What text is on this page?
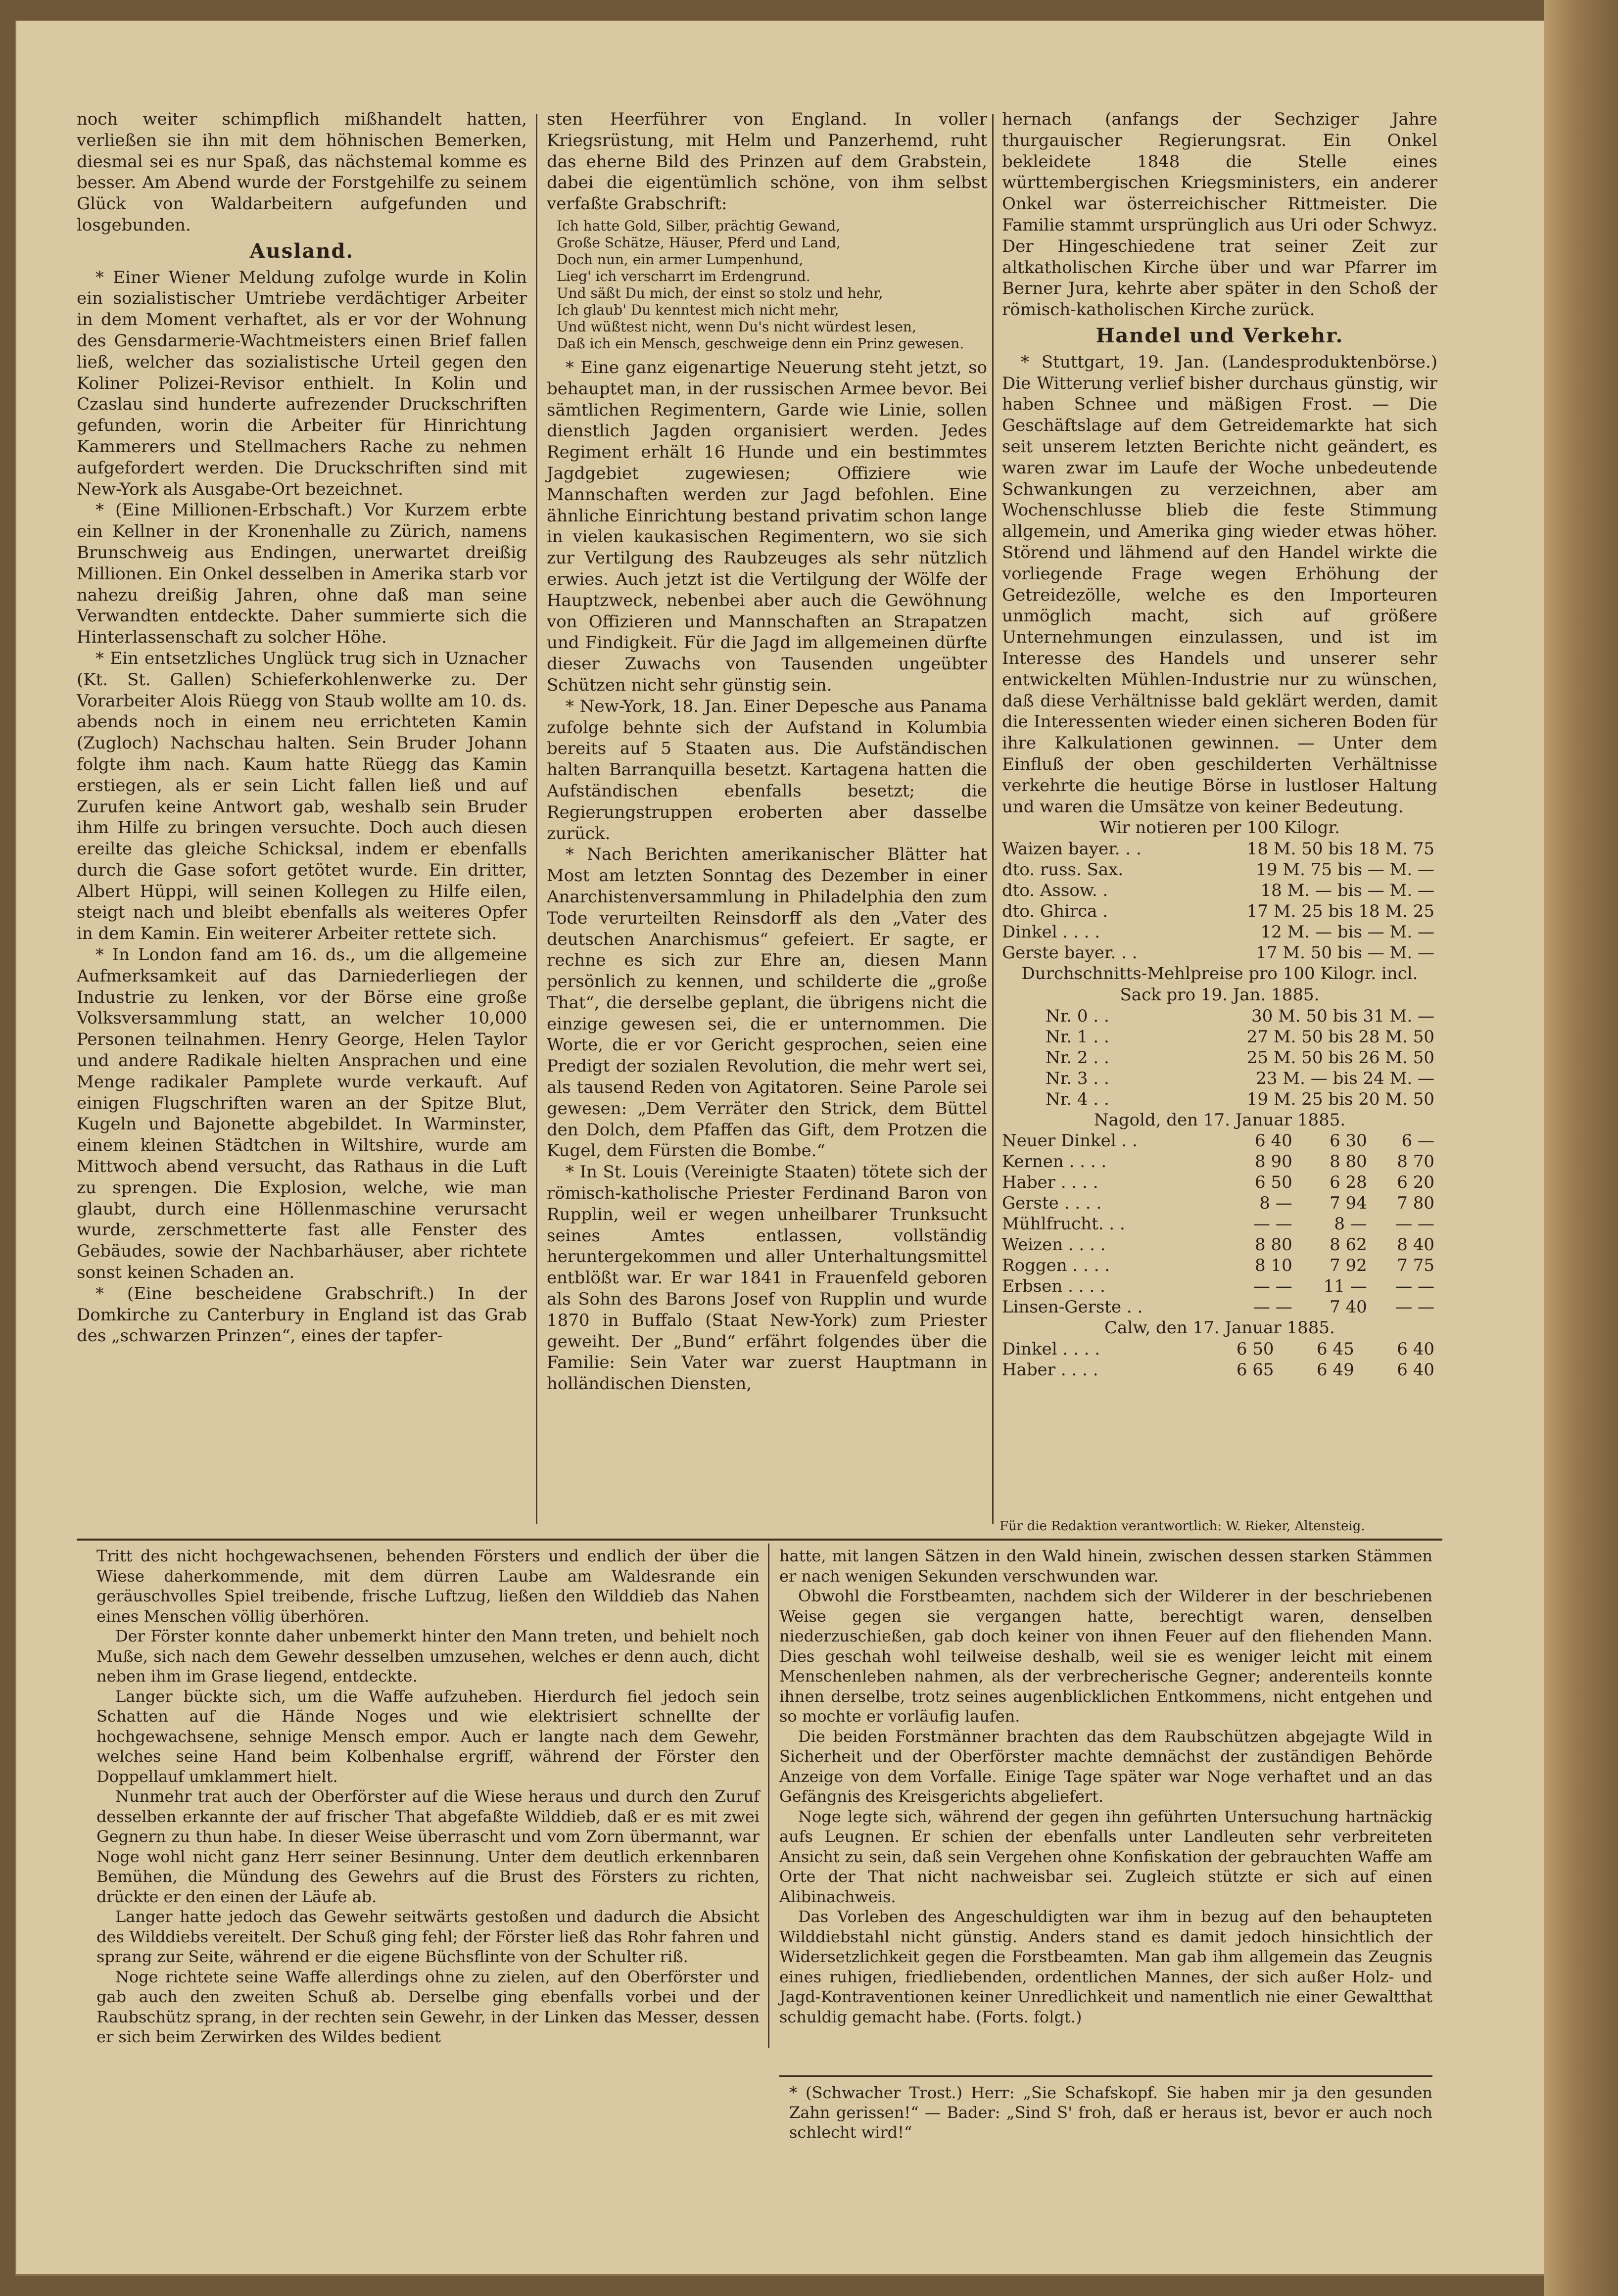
noch weiter schimpflich mißhandelt hatten, verließen sie ihn mit dem höhnischen Bemerken, diesmal sei es nur Spaß, das nächstemal komme es besser. Am Abend wurde der Forstgehilfe zu seinem Glück von Waldarbeitern aufgefunden und losgebunden.

Ausland.

* Einer Wiener Meldung zufolge wurde in Kolin ein sozialistischer Umtriebe verdächtiger Arbeiter in dem Moment verhaftet, als er vor der Wohnung des Gensdarmerie-Wachtmeisters einen Brief fallen ließ, welcher das sozialistische Urteil gegen den Koliner Polizei-Revisor enthielt. In Kolin und Czaslau sind hunderte aufrezender Druckschriften gefunden, worin die Arbeiter für Hinrichtung Kammerers und Stellmachers Rache zu nehmen aufgefordert werden. Die Druckschriften sind mit New-York als Ausgabe-Ort bezeichnet.

* (Eine Millionen-Erbschaft.) Vor Kurzem erbte ein Kellner in der Kronenhalle zu Zürich, namens Brunschweig aus Endingen, unerwartet dreißig Millionen. Ein Onkel desselben in Amerika starb vor nahezu dreißig Jahren, ohne daß man seine Verwandten entdeckte. Daher summierte sich die Hinterlassenschaft zu solcher Höhe.

* Ein entsetzliches Unglück trug sich in Uznacher (Kt. St. Gallen) Schieferkohlenwerke zu. Der Vorarbeiter Alois Rüegg von Staub wollte am 10. ds. abends noch in einem neu errichteten Kamin (Zugloch) Nachschau halten. Sein Bruder Johann folgte ihm nach. Kaum hatte Rüegg das Kamin erstiegen, als er sein Licht fallen ließ und auf Zurufen keine Antwort gab, weshalb sein Bruder ihm Hilfe zu bringen versuchte. Doch auch diesen ereilte das gleiche Schicksal, indem er ebenfalls durch die Gase sofort getötet wurde. Ein dritter, Albert Hüppi, will seinen Kollegen zu Hilfe eilen, steigt nach und bleibt ebenfalls als weiteres Opfer in dem Kamin. Ein weiterer Arbeiter rettete sich.

* In London fand am 16. ds., um die allgemeine Aufmerksamkeit auf das Darniederliegen der Industrie zu lenken, vor der Börse eine große Volksversammlung statt, an welcher 10,000 Personen teilnahmen. Henry George, Helen Taylor und andere Radikale hielten Ansprachen und eine Menge radikaler Pamplete wurde verkauft. Auf einigen Flugschriften waren an der Spitze Blut, Kugeln und Bajonette abgebildet. In Warminster, einem kleinen Städtchen in Wiltshire, wurde am Mittwoch abend versucht, das Rathaus in die Luft zu sprengen. Die Explosion, welche, wie man glaubt, durch eine Höllenmaschine verursacht wurde, zerschmetterte fast alle Fenster des Gebäudes, sowie der Nachbarhäuser, aber richtete sonst keinen Schaden an.

* (Eine bescheidene Grabschrift.) In der Domkirche zu Canterbury in England ist das Grab des „schwarzen Prinzen“, eines der tapfer-

sten Heerführer von England. In voller Kriegsrüstung, mit Helm und Panzerhemd, ruht das eherne Bild des Prinzen auf dem Grabstein, dabei die eigentümlich schöne, von ihm selbst verfaßte Grabschrift:

Ich hatte Gold, Silber, prächtig Gewand,
Große Schätze, Häuser, Pferd und Land,
Doch nun, ein armer Lumpenhund,
Lieg' ich verscharrt im Erdengrund.
Und säßt Du mich, der einst so stolz und hehr,
Ich glaub' Du kenntest mich nicht mehr,
Und wüßtest nicht, wenn Du's nicht würdest lesen,
Daß ich ein Mensch, geschweige denn ein Prinz gewesen.

* Eine ganz eigenartige Neuerung steht jetzt, so behauptet man, in der russischen Armee bevor. Bei sämtlichen Regimentern, Garde wie Linie, sollen dienstlich Jagden organisiert werden. Jedes Regiment erhält 16 Hunde und ein bestimmtes Jagdgebiet zugewiesen; Offiziere wie Mannschaften werden zur Jagd befohlen. Eine ähnliche Einrichtung bestand privatim schon lange in vielen kaukasischen Regimentern, wo sie sich zur Vertilgung des Raubzeuges als sehr nützlich erwies. Auch jetzt ist die Vertilgung der Wölfe der Hauptzweck, nebenbei aber auch die Gewöhnung von Offizieren und Mannschaften an Strapatzen und Findigkeit. Für die Jagd im allgemeinen dürfte dieser Zuwachs von Tausenden ungeübter Schützen nicht sehr günstig sein.

* New-York, 18. Jan. Einer Depesche aus Panama zufolge behnte sich der Aufstand in Kolumbia bereits auf 5 Staaten aus. Die Aufständischen halten Barranquilla besetzt. Kartagena hatten die Aufständischen ebenfalls besetzt; die Regierungstruppen eroberten aber dasselbe zurück.

* Nach Berichten amerikanischer Blätter hat Most am letzten Sonntag des Dezember in einer Anarchistenversammlung in Philadelphia den zum Tode verurteilten Reinsdorff als den „Vater des deutschen Anarchismus“ gefeiert. Er sagte, er rechne es sich zur Ehre an, diesen Mann persönlich zu kennen, und schilderte die „große That“, die derselbe geplant, die übrigens nicht die einzige gewesen sei, die er unternommen. Die Worte, die er vor Gericht gesprochen, seien eine Predigt der sozialen Revolution, die mehr wert sei, als tausend Reden von Agitatoren. Seine Parole sei gewesen: „Dem Verräter den Strick, dem Büttel den Dolch, dem Pfaffen das Gift, dem Protzen die Kugel, dem Fürsten die Bombe.“

* In St. Louis (Vereinigte Staaten) tötete sich der römisch-katholische Priester Ferdinand Baron von Rupplin, weil er wegen unheilbarer Trunksucht seines Amtes entlassen, vollständig heruntergekommen und aller Unterhaltungsmittel entblößt war. Er war 1841 in Frauenfeld geboren als Sohn des Barons Josef von Rupplin und wurde 1870 in Buffalo (Staat New-York) zum Priester geweiht. Der „Bund“ erfährt folgendes über die Familie: Sein Vater war zuerst Hauptmann in holländischen Diensten,

hernach (anfangs der Sechziger Jahre thurgauischer Regierungsrat. Ein Onkel bekleidete 1848 die Stelle eines württembergischen Kriegsministers, ein anderer Onkel war österreichischer Rittmeister. Die Familie stammt ursprünglich aus Uri oder Schwyz. Der Hingeschiedene trat seiner Zeit zur altkatholischen Kirche über und war Pfarrer im Berner Jura, kehrte aber später in den Schoß der römisch-katholischen Kirche zurück.

Handel und Verkehr.

* Stuttgart, 19. Jan. (Landesproduktenbörse.) Die Witterung verlief bisher durchaus günstig, wir haben Schnee und mäßigen Frost. — Die Geschäftslage auf dem Getreidemarkte hat sich seit unserem letzten Berichte nicht geändert, es waren zwar im Laufe der Woche unbedeutende Schwankungen zu verzeichnen, aber am Wochenschlusse blieb die feste Stimmung allgemein, und Amerika ging wieder etwas höher. Störend und lähmend auf den Handel wirkte die vorliegende Frage wegen Erhöhung der Getreidezölle, welche es den Importeuren unmöglich macht, sich auf größere Unternehmungen einzulassen, und ist im Interesse des Handels und unserer sehr entwickelten Mühlen-Industrie nur zu wünschen, daß diese Verhältnisse bald geklärt werden, damit die Interessenten wieder einen sicheren Boden für ihre Kalkulationen gewinnen. — Unter dem Einfluß der oben geschilderten Verhältnisse verkehrte die heutige Börse in lustloser Haltung und waren die Umsätze von keiner Bedeutung.

Wir notieren per 100 Kilogr.

Waizen bayer. . .	18 M. 50 bis 18 M. 75
dto. russ. Sax.	19 M. 75 bis — M. —
dto. Assow. .	18 M. — bis — M. —
dto. Ghirca .	17 M. 25 bis 18 M. 25
Dinkel . . . .	12 M. — bis — M. —
Gerste bayer. . .	17 M. 50 bis — M. —

Durchschnitts-Mehlpreise pro 100 Kilogr. incl. Sack pro 19. Jan. 1885.

Nr. 0 . .	30 M. 50 bis 31 M. —
Nr. 1 . .	27 M. 50 bis 28 M. 50
Nr. 2 . .	25 M. 50 bis 26 M. 50
Nr. 3 . .	23 M. — bis 24 M. —
Nr. 4 . .	19 M. 25 bis 20 M. 50

Nagold, den 17. Januar 1885.

Neuer Dinkel . .	6 40	6 30	6 —
Kernen . . . .	8 90	8 80	8 70
Haber . . . .	6 50	6 28	6 20
Gerste . . . .	8 —	7 94	7 80
Mühlfrucht. . .	— —	8 —	— —
Weizen . . . .	8 80	8 62	8 40
Roggen . . . .	8 10	7 92	7 75
Erbsen . . . .	— —	11 —	— —
Linsen-Gerste . .	— —	7 40	— —

Calw, den 17. Januar 1885.

Dinkel . . . .	6 50	6 45	6 40
Haber . . . .	6 65	6 49	6 40
Für die Redaktion verantwortlich: W. Rieker, Altensteig.

Tritt des nicht hochgewachsenen, behenden Försters und endlich der über die Wiese daherkommende, mit dem dürren Laube am Waldesrande ein geräuschvolles Spiel treibende, frische Luftzug, ließen den Wilddieb das Nahen eines Menschen völlig überhören.

Der Förster konnte daher unbemerkt hinter den Mann treten, und behielt noch Muße, sich nach dem Gewehr desselben umzusehen, welches er denn auch, dicht neben ihm im Grase liegend, entdeckte.

Langer bückte sich, um die Waffe aufzuheben. Hierdurch fiel jedoch sein Schatten auf die Hände Noges und wie elektrisiert schnellte der hochgewachsene, sehnige Mensch empor. Auch er langte nach dem Gewehr, welches seine Hand beim Kolbenhalse ergriff, während der Förster den Doppellauf umklammert hielt.

Nunmehr trat auch der Oberförster auf die Wiese heraus und durch den Zuruf desselben erkannte der auf frischer That abgefaßte Wilddieb, daß er es mit zwei Gegnern zu thun habe. In dieser Weise überrascht und vom Zorn übermannt, war Noge wohl nicht ganz Herr seiner Besinnung. Unter dem deutlich erkennbaren Bemühen, die Mündung des Gewehrs auf die Brust des Försters zu richten, drückte er den einen der Läufe ab.

Langer hatte jedoch das Gewehr seitwärts gestoßen und dadurch die Absicht des Wilddiebs vereitelt. Der Schuß ging fehl; der Förster ließ das Rohr fahren und sprang zur Seite, während er die eigene Büchsflinte von der Schulter riß.

Noge richtete seine Waffe allerdings ohne zu zielen, auf den Oberförster und gab auch den zweiten Schuß ab. Derselbe ging ebenfalls vorbei und der Raubschütz sprang, in der rechten sein Gewehr, in der Linken das Messer, dessen er sich beim Zerwirken des Wildes bedient

hatte, mit langen Sätzen in den Wald hinein, zwischen dessen starken Stämmen er nach wenigen Sekunden verschwunden war.

Obwohl die Forstbeamten, nachdem sich der Wilderer in der beschriebenen Weise gegen sie vergangen hatte, berechtigt waren, denselben niederzuschießen, gab doch keiner von ihnen Feuer auf den fliehenden Mann. Dies geschah wohl teilweise deshalb, weil sie es weniger leicht mit einem Menschenleben nahmen, als der verbrecherische Gegner; anderenteils konnte ihnen derselbe, trotz seines augenblicklichen Entkommens, nicht entgehen und so mochte er vorläufig laufen.

Die beiden Forstmänner brachten das dem Raubschützen abgejagte Wild in Sicherheit und der Oberförster machte demnächst der zuständigen Behörde Anzeige von dem Vorfalle. Einige Tage später war Noge verhaftet und an das Gefängnis des Kreisgerichts abgeliefert.

Noge legte sich, während der gegen ihn geführten Untersuchung hartnäckig aufs Leugnen. Er schien der ebenfalls unter Landleuten sehr verbreiteten Ansicht zu sein, daß sein Vergehen ohne Konfiskation der gebrauchten Waffe am Orte der That nicht nachweisbar sei. Zugleich stützte er sich auf einen Alibinachweis.

Das Vorleben des Angeschuldigten war ihm in bezug auf den behaupteten Wilddiebstahl nicht günstig. Anders stand es damit jedoch hinsichtlich der Widersetzlichkeit gegen die Forstbeamten. Man gab ihm allgemein das Zeugnis eines ruhigen, friedliebenden, ordentlichen Mannes, der sich außer Holz- und Jagd-Kontraventionen keiner Unredlichkeit und namentlich nie einer Gewaltthat schuldig gemacht habe. (Forts. folgt.)

* (Schwacher Trost.) Herr: „Sie Schafskopf. Sie haben mir ja den gesunden Zahn gerissen!“ — Bader: „Sind S' froh, daß er heraus ist, bevor er auch noch schlecht wird!“
